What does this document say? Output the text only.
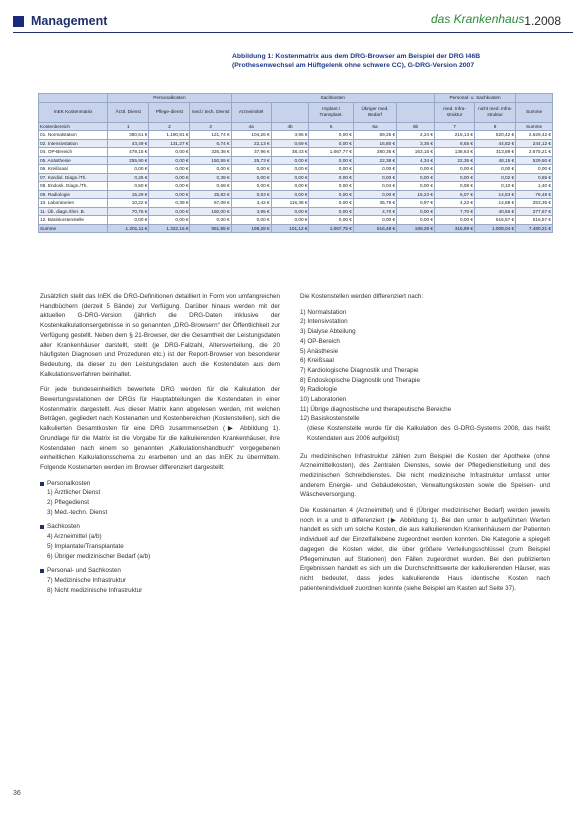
Management	das Krankenhaus 1.2008
Abbildung 1: Kostenmatrix aus dem DRG-Browser am Beispiel der DRG I46B
(Prothesenwechsel am Hüftgelenk ohne schwere CC), G-DRG-Version 2007
	Personalkosten			Sachkosten					Personal- u. Sachkosten		
InEK Kostenmatrix	Ärztl. Dienst	Pflege-dienst	med./ tech. Dienst	Arzneimittel		Implant./ Transplant.	Übriger med. Bedarf		med. Infra-struktur	nicht med. Infra-struktur	Summe
Kostenbereich	1	2	3	4a	4b	5	6a	6b	7	8	Summe
01. Normalstation	380,61 €	1.190,81 €	121,74 €	104,26 €	3,96 €	0,00 €	89,25 €	2,24 €	216,13 €	520,42 €	2.629,42 €
02. Intensivstation	43,49 €	131,27 €	6,74 €	22,13 €	0,69 €	0,00 €	16,80 €	3,36 €	8,65 €	44,82 €	244,12 €
04. OP-Bereich	479,15 €	0,00 €	326,38 €	37,96 €	38,43 €	1.067,77 €	280,35 €	163,15 €	138,63 €	313,89 €	2.675,21 €
05. Anästhesie	255,90 €	0,00 €	150,55 €	25,73 €	0,00 €	0,00 €	22,38 €	4,34 €	22,35 €	48,15 €	529,50 €
06. Kreißsaal	0,00 €	0,00 €	0,00 €	0,00 €	0,00 €	0,00 €	0,00 €	0,00 €	0,00 €	0,00 €	0,00 €
07. Kardiol. Diagn./Th.	0,25 €	0,00 €	0,38 €	0,00 €	0,00 €	0,00 €	0,00 €	0,00 €	0,00 €	0,02 €	0,65 €
08. Endosk. Diagn./Th.	0,50 €	0,00 €	0,68 €	0,00 €	0,00 €	0,00 €	0,04 €	0,00 €	0,08 €	0,10 €	1,40 €
09. Radiologie	15,29 €	0,00 €	25,82 €	0,53 €	0,00 €	0,00 €	0,00 €	15,23 €	6,07 €	14,53 €	76,48 €
10. Laboratorien	10,22 €	0,39 €	67,08 €	3,42 €	116,38 €	0,00 €	36,79 €	0,97 €	4,22 €	14,88 €	253,35 €
11. Üb. diagn./ther. B.	70,76 €	0,00 €	150,00 €	3,95 €	0,00 €	0,00 €	4,70 €	0,00 €	7,70 €	40,56 €	277,67 €
12. Basiskostenstelle	0,00 €	0,00 €	0,00 €	0,00 €	0,00 €	0,00 €	0,00 €	0,00 €	0,00 €	516,57 €	516,57 €
Summe	1.201,11 €	1.322,16 €	951,85 €	198,28 €	101,12 €	1.067,75 €	516,48 €	189,28 €	316,99 €	1.008,04 €	7.480,21 €

Zusätzlich stellt das InEK die DRG-Definitionen detailliert in Form von umfangreichen Handbüchern (derzeit 5 Bände) zur Verfügung. Darüber hinaus werden mit der aktuellen G-DRG-Version (jährlich die DRG-Daten inklusive der Kostenkalkulationsergebnisse in so genannten „DRG-Browsern“ der Öffentlichkeit zur Verfügung gestellt. Neben dem § 21-Browser, der die Gesamtheit der Leistungsdaten aller Krankenhäuser darstellt, stellt (je DRG-Fallzahl, Altersverteilung, die 20 häufigsten Diagnosen und Prozeduren etc.) ist der Report-Browser von besonderer Bedeutung, da dieser zu den Leistungsdaten auch die Kostendaten aus dem Kalkulationsverfahren beinhaltet.

Für jede bundeseinheitlich bewertete DRG werden für die Kalkulation der Bewertungsrelationen der DRGs für Hauptabteilungen die Kostendaten in einer Kostenmatrix dargestellt. Aus dieser Matrix kann abgelesen werden, mit welchen Beträgen, gegliedert nach Kostenarten und Kostenbereichen (Kostenstellen), sich die kalkulierten Gesamtkosten für eine DRG zusammensetzen (▶ Abbildung 1). Grundlage für die Matrix ist die Vorgabe für die kalkulierenden Krankenhäuser, ihre Kostendaten nach einem so genannten „Kalkulationshandbuch“ vorgegebenen einheitlichen Kalkulationsschema zu erarbeiten und an das InEK zu übermitteln. Folgende Kostenarten werden im Browser differenziert dargestellt:

Personalkosten
1) Ärztlicher Dienst
2) Pflegedienst
3) Med.-techn. Dienst
Sachkosten
4) Arzneimittel (a/b)
5) Implantate/Transplantate
6) Übriger medizinischer Bedarf (a/b)
Personal- und Sachkosten
7) Medizinische Infrastruktur
8) Nicht medizinische Infrastruktur

Die Kostenstellen werden differenziert nach:

1) Normalstation
2) Intensivstation
3) Dialyse Abteilung
4) OP-Bereich
5) Anästhesie
6) Kreißsaal
7) Kardiologische Diagnostik und Therapie
8) Endoskopische Diagnostik und Therapie
9) Radiologie
10) Laboratorien
11) Übrige diagnostische und therapeutische Bereiche
12) Basiskostenstelle

(diese Kostenstelle wurde für die Kalkulation des G-DRG-Systems 2008, das heißt Kostendaten aus 2006 aufgelöst)

Zu medizinischen Infrastruktur zählen zum Beispiel die Kosten der Apotheke (ohne Arzneimittelkosten), des Zentralen Dienstes, sowie der Pflegedienstleitung und des medizinischen Schreibdienstes. Die nicht medizinische Infrastruktur umfasst unter anderem Energie- und Gebäudekosten, Verwaltungskosten sowie die Speisen- und Wäscheversorgung.

Die Kostenarten 4 (Arzneimittel) und 6 (Übriger medizinischer Bedarf) werden jeweils noch in a und b differenziert (▶ Abbildung 1). Bei den unter b aufgeführten Werten handelt es sich um solche Kosten, die aus kalkulierenden Krankenhäusern der Patienten individuell auf der Einzelfallebene zugeordnet werden konnten. Die Kategorie a spiegelt dagegen die Kosten wider, die über größere Verteilungsschlüssel (zum Beispiel Pflegeminuten auf Stationen) den Fällen zugeordnet wurden. Bei den publizierten Ergebnissen handelt es sich um die Durchschnittswerte der kalkulierenden Häuser, was nicht bedeutet, dass jedes kalkulierende Haus identische Kosten nach patientenindividuell zuordnen konnte (siehe Beispiel am Kasten auf Seite 37).

36
